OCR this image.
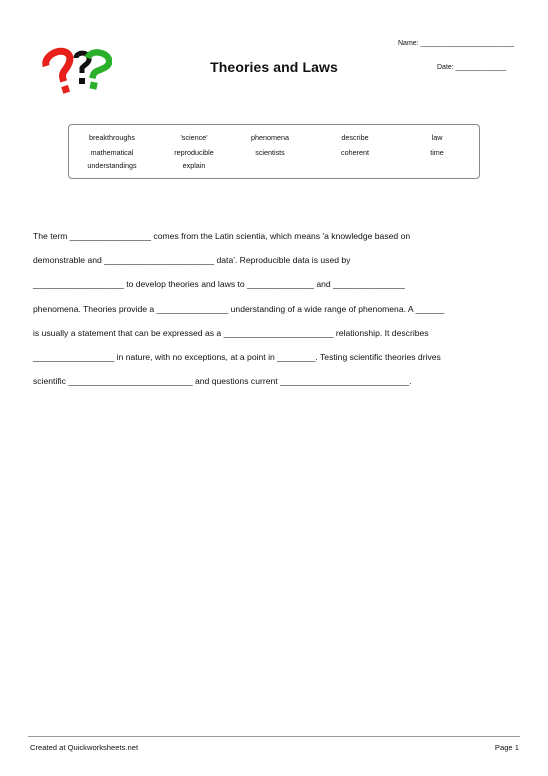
Name: ________________________
Date: _____________
Theories and Laws
breakthroughs	'science'	phenomena	describe	law
mathematical	reproducible	scientists	coherent	time
understandings	explain
The term _________________ comes from the Latin scientia, which means 'a knowledge based on
demonstrable and _______________________ data'. Reproducible data is used by
___________________ to develop theories and laws to ______________ and _______________
phenomena. Theories provide a _______________ understanding of a wide range of phenomena. A ______
is usually a statement that can be expressed as a _______________________ relationship. It describes
_________________ in nature, with no exceptions, at a point in ________. Testing scientific theories drives
scientific __________________________ and questions current ___________________________.
Created at Quickworksheets.net	Page 1
